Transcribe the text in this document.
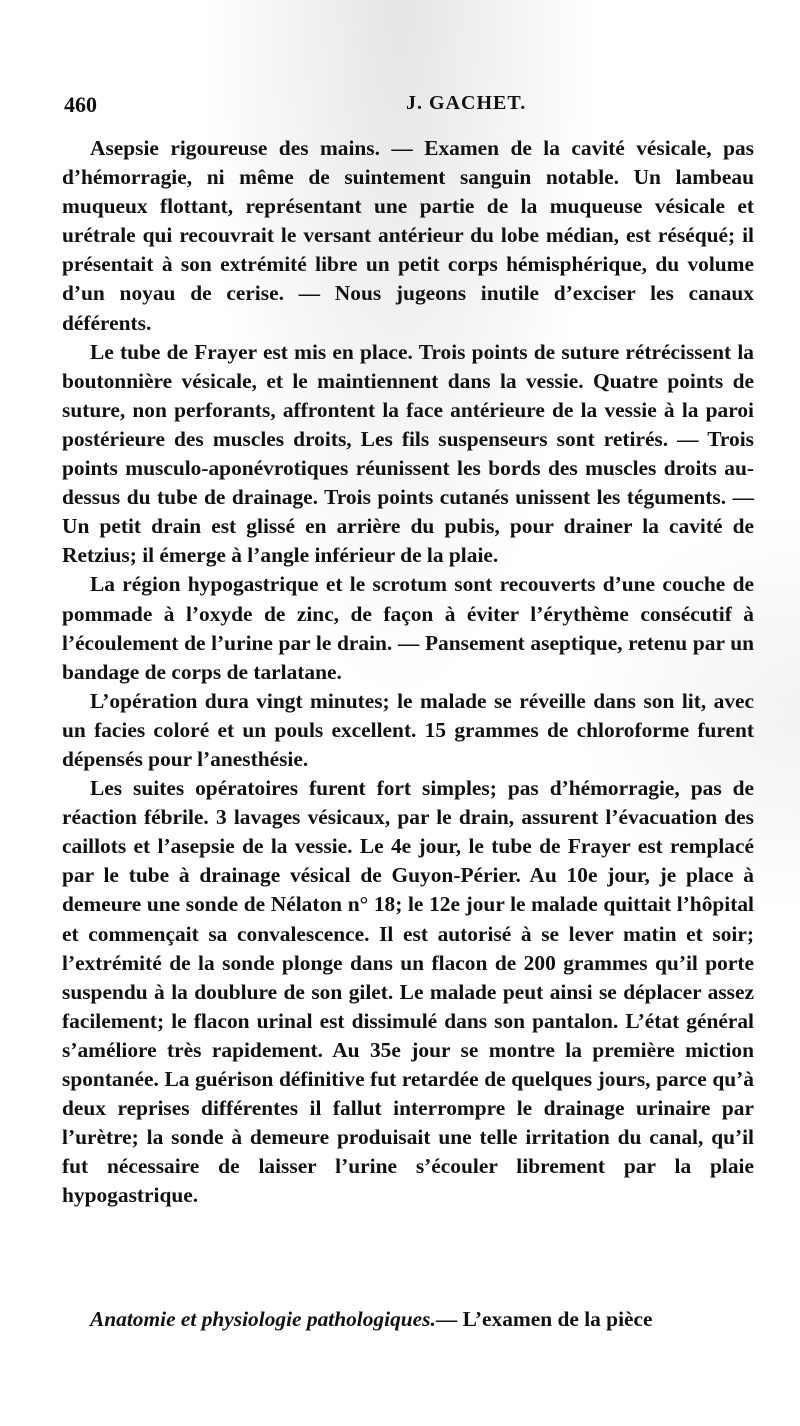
460	J. GACHET.

Asepsie rigoureuse des mains. — Examen de la cavité vésicale, pas d’hémorragie, ni même de suintement sanguin notable. Un lambeau muqueux flottant, représentant une partie de la muqueuse vésicale et urétrale qui recouvrait le versant antérieur du lobe médian, est réséqué; il présentait à son extrémité libre un petit corps hémisphérique, du volume d’un noyau de cerise. — Nous jugeons inutile d’exciser les canaux déférents.

Le tube de Frayer est mis en place. Trois points de suture rétrécissent la boutonnière vésicale, et le maintiennent dans la vessie. Quatre points de suture, non perforants, affrontent la face antérieure de la vessie à la paroi postérieure des muscles droits, Les fils suspenseurs sont retirés. — Trois points musculo-aponévrotiques réunissent les bords des muscles droits au-dessus du tube de drainage. Trois points cutanés unissent les téguments. — Un petit drain est glissé en arrière du pubis, pour drainer la cavité de Retzius; il émerge à l’angle inférieur de la plaie.

La région hypogastrique et le scrotum sont recouverts d’une couche de pommade à l’oxyde de zinc, de façon à éviter l’érythème consécutif à l’écoulement de l’urine par le drain. — Pansement aseptique, retenu par un bandage de corps de tarlatane.

L’opération dura vingt minutes; le malade se réveille dans son lit, avec un facies coloré et un pouls excellent. 15 grammes de chloroforme furent dépensés pour l’anesthésie.

Les suites opératoires furent fort simples; pas d’hémorragie, pas de réaction fébrile. 3 lavages vésicaux, par le drain, assurent l’évacuation des caillots et l’asepsie de la vessie. Le 4e jour, le tube de Frayer est remplacé par le tube à drainage vésical de Guyon-Périer. Au 10e jour, je place à demeure une sonde de Nélaton n° 18; le 12e jour le malade quittait l’hôpital et commençait sa convalescence. Il est autorisé à se lever matin et soir; l’extrémité de la sonde plonge dans un flacon de 200 grammes qu’il porte suspendu à la doublure de son gilet. Le malade peut ainsi se déplacer assez facilement; le flacon urinal est dissimulé dans son pantalon. L’état général s’améliore très rapidement. Au 35e jour se montre la première miction spontanée. La guérison définitive fut retardée de quelques jours, parce qu’à deux reprises différentes il fallut interrompre le drainage urinaire par l’urètre; la sonde à demeure produisait une telle irritation du canal, qu’il fut nécessaire de laisser l’urine s’écouler librement par la plaie hypogastrique.

Anatomie et physiologie pathologiques.— L’examen de la pièce
